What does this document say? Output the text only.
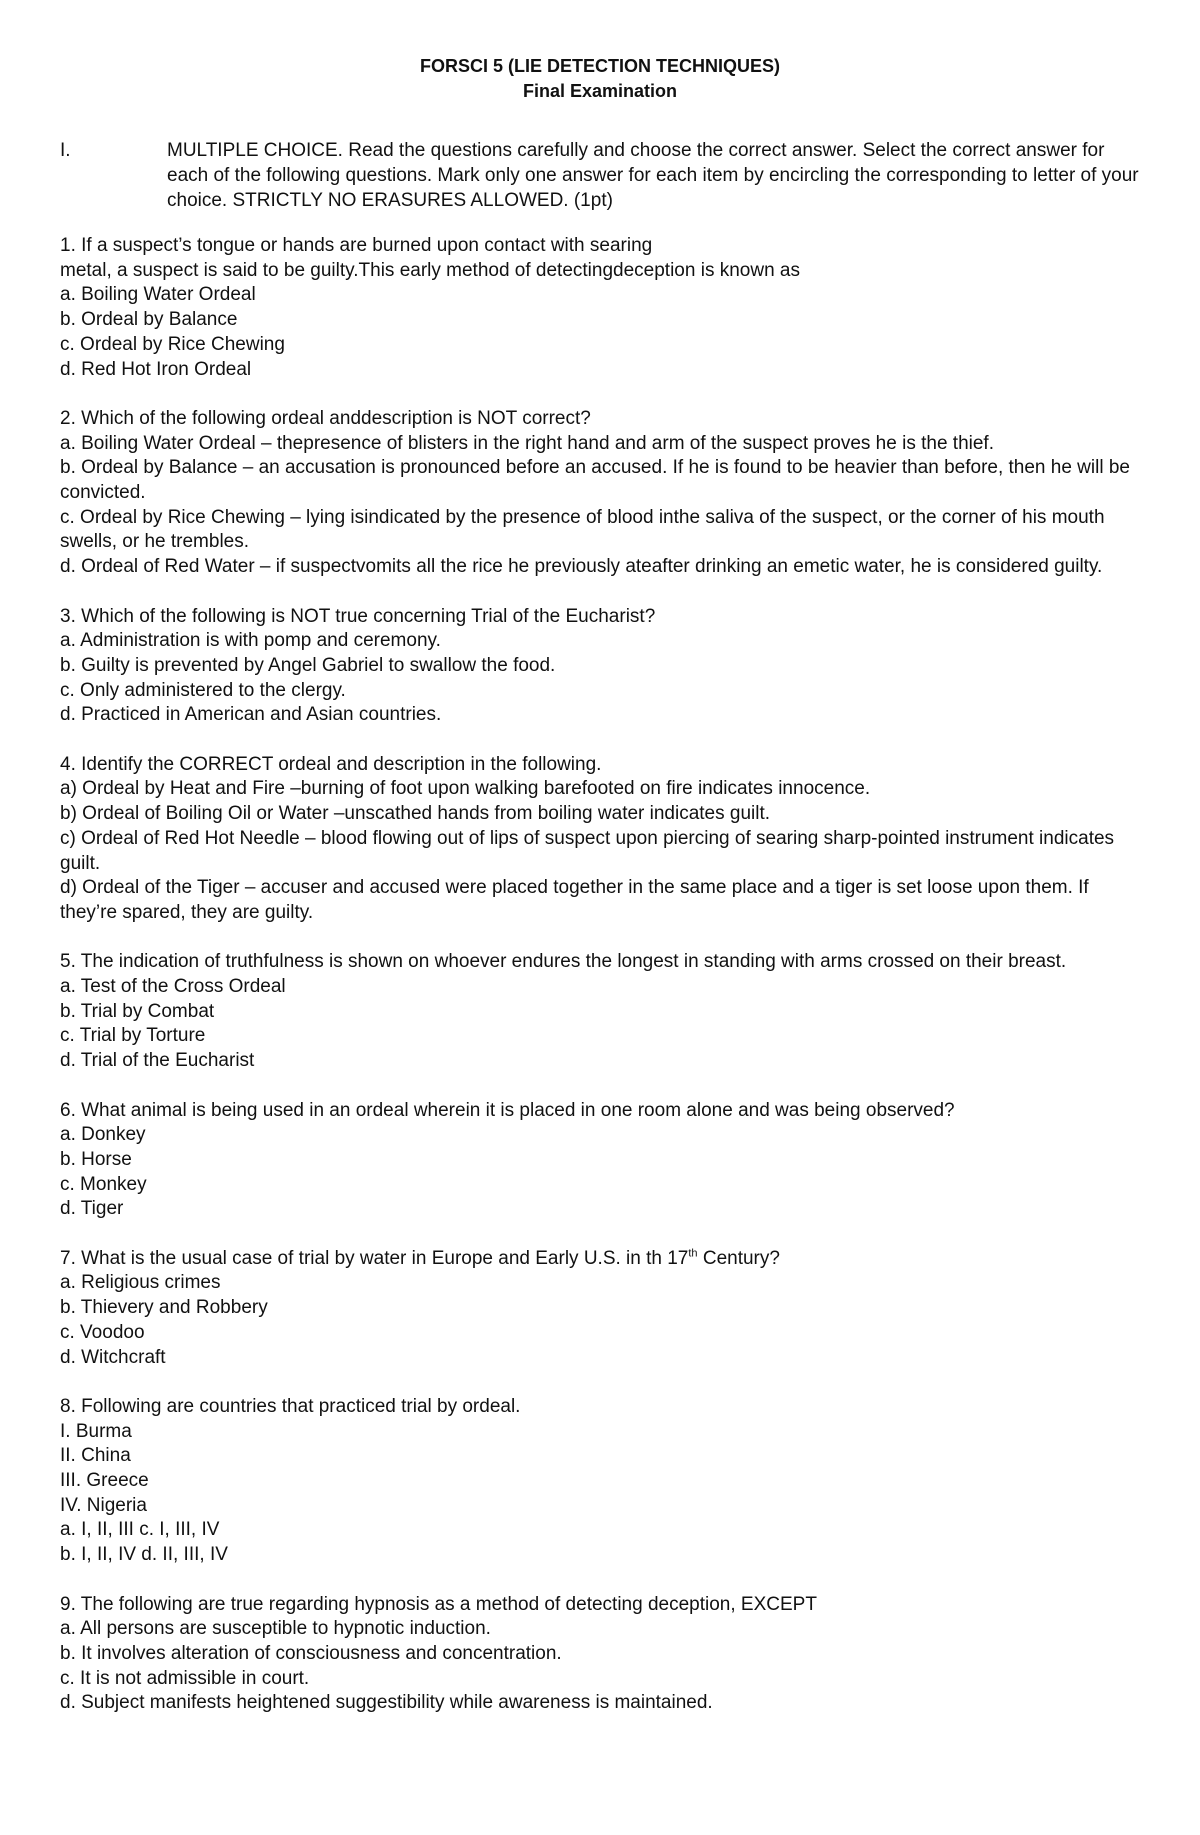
FORSCI 5 (LIE DETECTION TECHNIQUES)
Final Examination
I.	MULTIPLE CHOICE. Read the questions carefully and choose the correct answer. Select the correct answer for each of the following questions. Mark only one answer for each item by encircling the corresponding to letter of your choice. STRICTLY NO ERASURES ALLOWED. (1pt)
1. If a suspect’s tongue or hands are burned upon contact with searing
metal, a suspect is said to be guilty.This early method of detectingdeception is known as
a. Boiling Water Ordeal
b. Ordeal by Balance
c. Ordeal by Rice Chewing
d. Red Hot Iron Ordeal
2. Which of the following ordeal anddescription is NOT correct?
a. Boiling Water Ordeal – thepresence of blisters in the right hand and arm of the suspect proves he is the thief.
b. Ordeal by Balance – an accusation is pronounced before an accused. If he is found to be heavier than before, then he will be convicted.
c. Ordeal by Rice Chewing – lying isindicated by the presence of blood inthe saliva of the suspect, or the corner of his mouth swells, or he trembles.
d. Ordeal of Red Water – if suspectvomits all the rice he previously ateafter drinking an emetic water, he is considered guilty.
3. Which of the following is NOT true concerning Trial of the Eucharist?
a. Administration is with pomp and ceremony.
b. Guilty is prevented by Angel Gabriel to swallow the food.
c. Only administered to the clergy.
d. Practiced in American and Asian countries.
4. Identify the CORRECT ordeal and description in the following.
a) Ordeal by Heat and Fire –burning of foot upon walking barefooted on fire indicates innocence.
b) Ordeal of Boiling Oil or Water –unscathed hands from boiling water indicates guilt.
c) Ordeal of Red Hot Needle – blood flowing out of lips of suspect upon piercing of searing sharp-pointed instrument indicates guilt.
d) Ordeal of the Tiger – accuser and accused were placed together in the same place and a tiger is set loose upon them. If they’re spared, they are guilty.
5. The indication of truthfulness is shown on whoever endures the longest in standing with arms crossed on their breast.
a. Test of the Cross Ordeal
b. Trial by Combat
c. Trial by Torture
d. Trial of the Eucharist
6. What animal is being used in an ordeal wherein it is placed in one room alone and was being observed?
a. Donkey
b. Horse
c. Monkey
d. Tiger
7. What is the usual case of trial by water in Europe and Early U.S. in th 17th Century?
a. Religious crimes
b. Thievery and Robbery
c. Voodoo
d. Witchcraft
8. Following are countries that practiced trial by ordeal.
I. Burma
II. China
III. Greece
IV. Nigeria
a. I, II, III c. I, III, IV
b. I, II, IV d. II, III, IV
9. The following are true regarding hypnosis as a method of detecting deception, EXCEPT
a. All persons are susceptible to hypnotic induction.
b. It involves alteration of consciousness and concentration.
c. It is not admissible in court.
d. Subject manifests heightened suggestibility while awareness is maintained.
